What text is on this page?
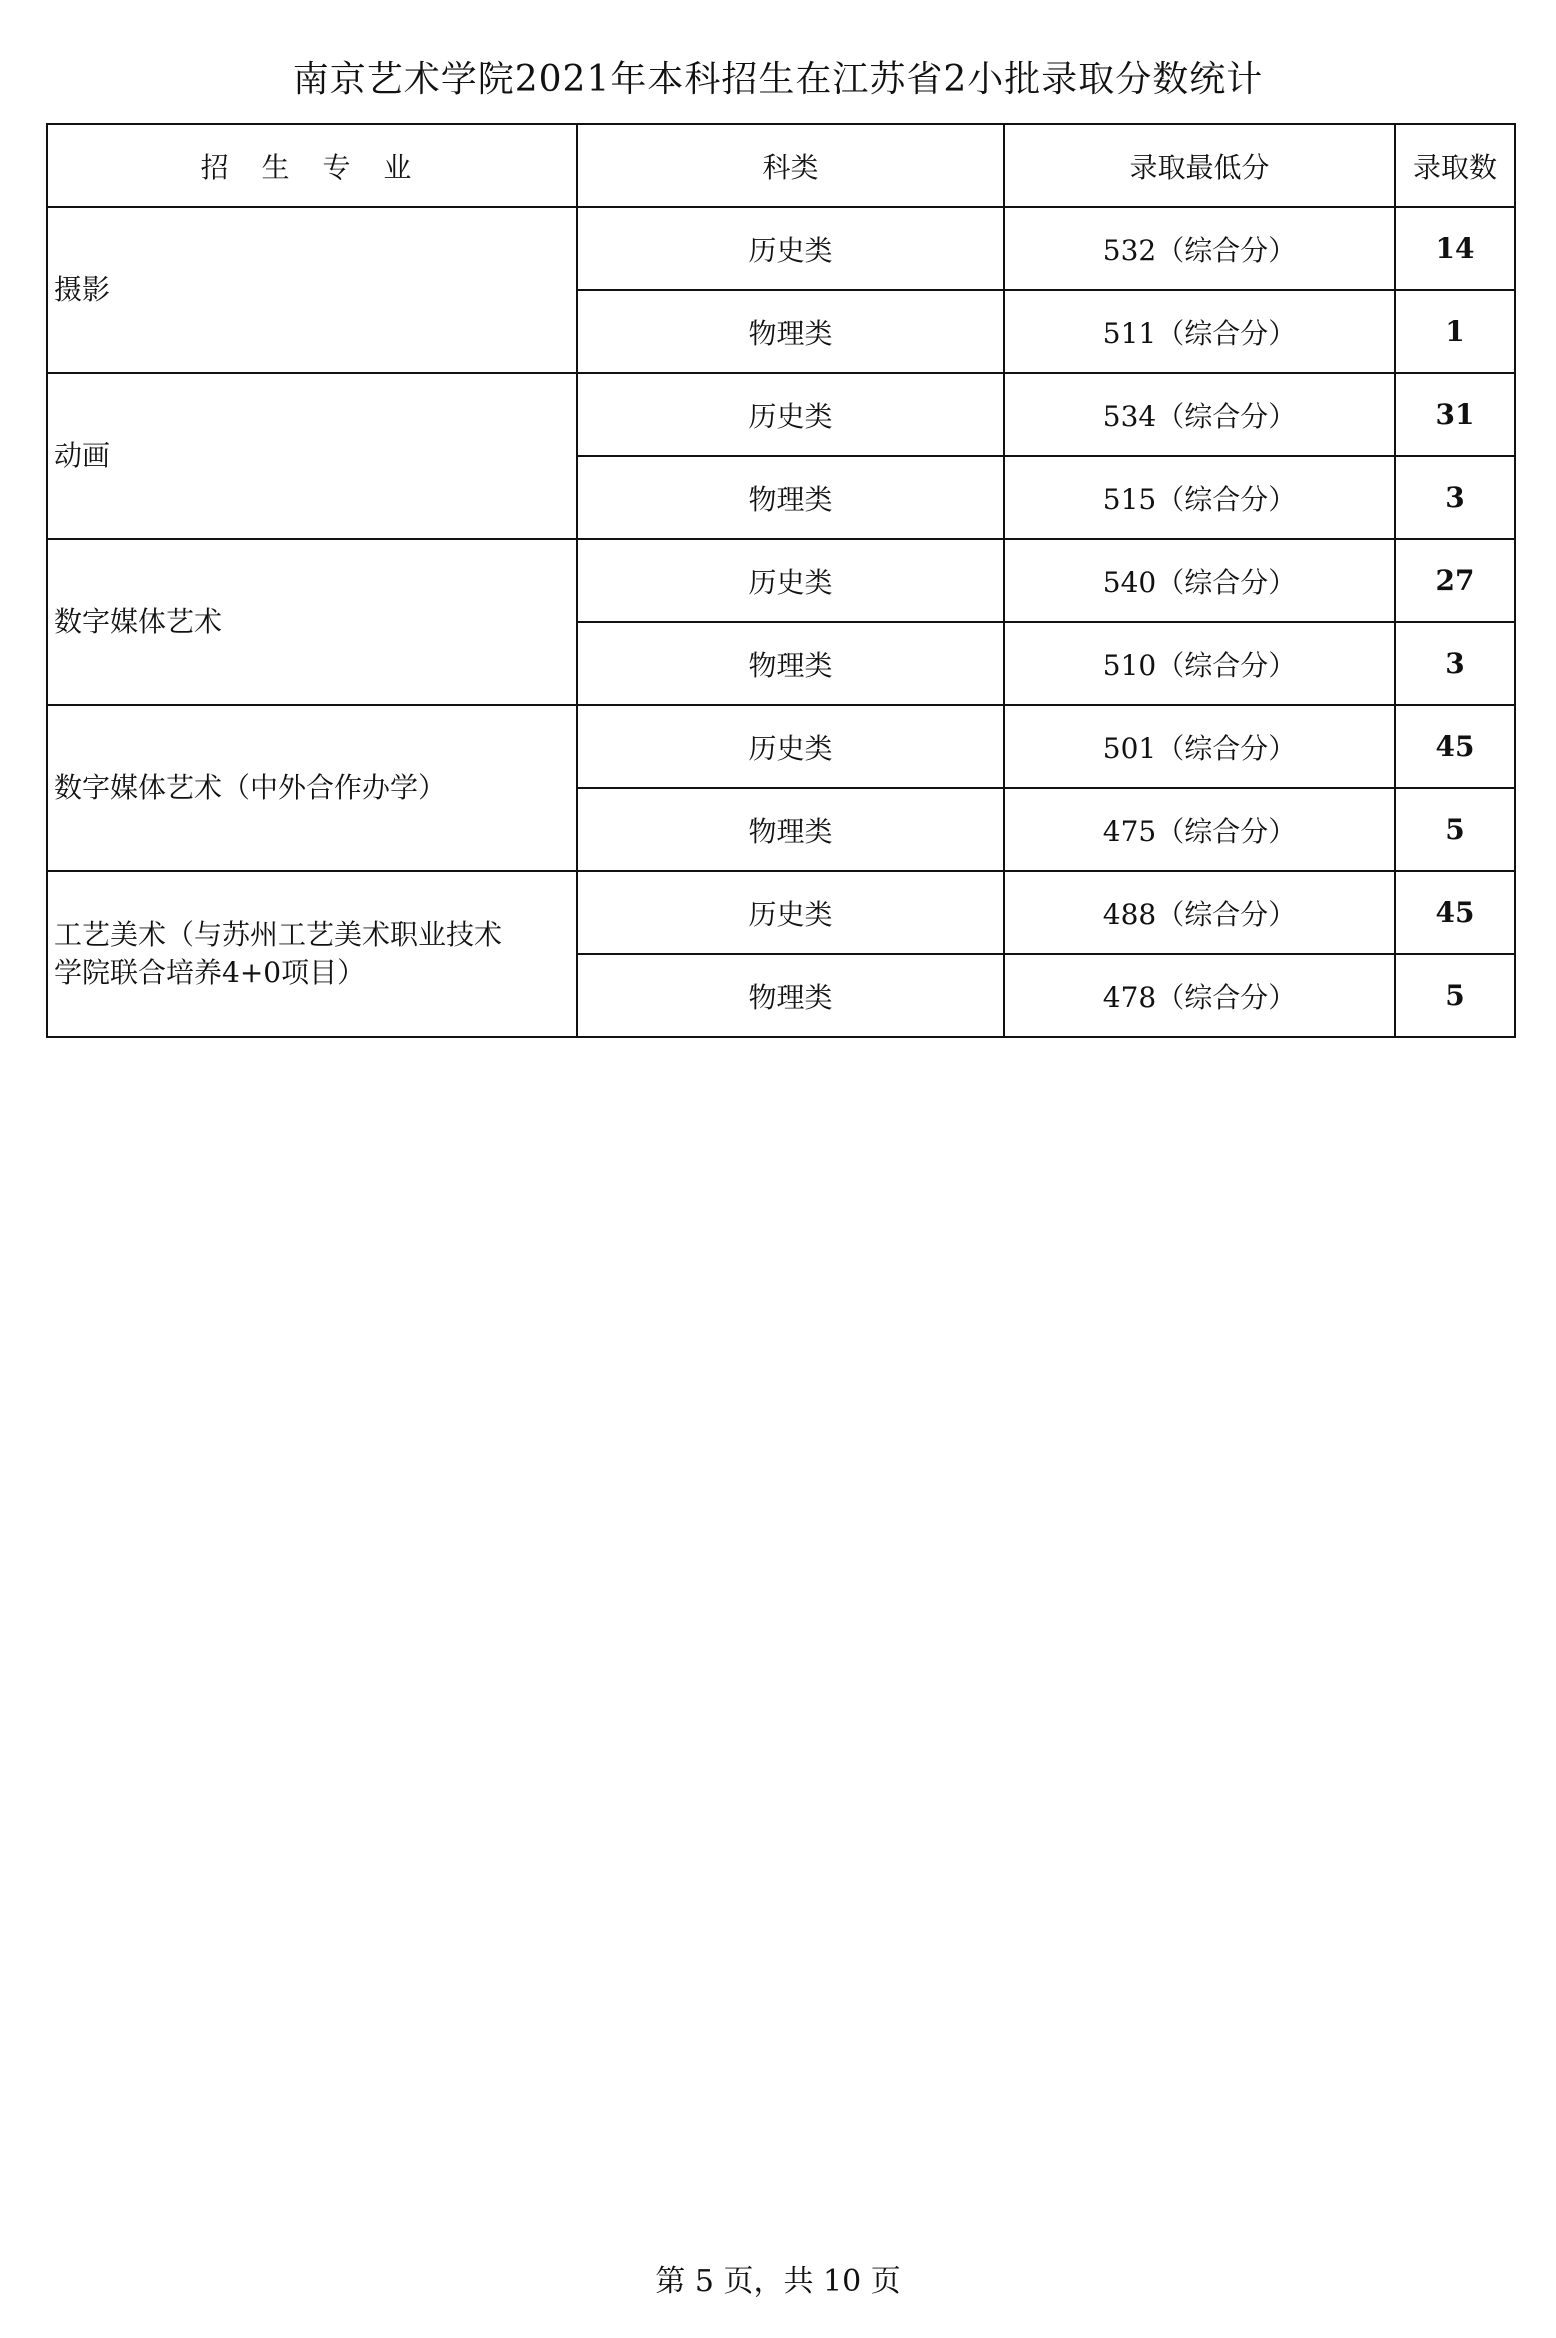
南京艺术学院2021年本科招生在江苏省2小批录取分数统计
招 生 专 业	科类	录取最低分	录取数
摄影	历史类	532（综合分）	14
	物理类	511（综合分）	1
动画	历史类	534（综合分）	31
	物理类	515（综合分）	3
数字媒体艺术	历史类	540（综合分）	27
	物理类	510（综合分）	3
数字媒体艺术（中外合作办学）	历史类	501（综合分）	45
	物理类	475（综合分）	5

工艺美术（与苏州工艺美术职业技术
学院联合培养4+0项目）	历史类	488（综合分）	45
	物理类	478（综合分）	5
第 5 页，共 10 页
